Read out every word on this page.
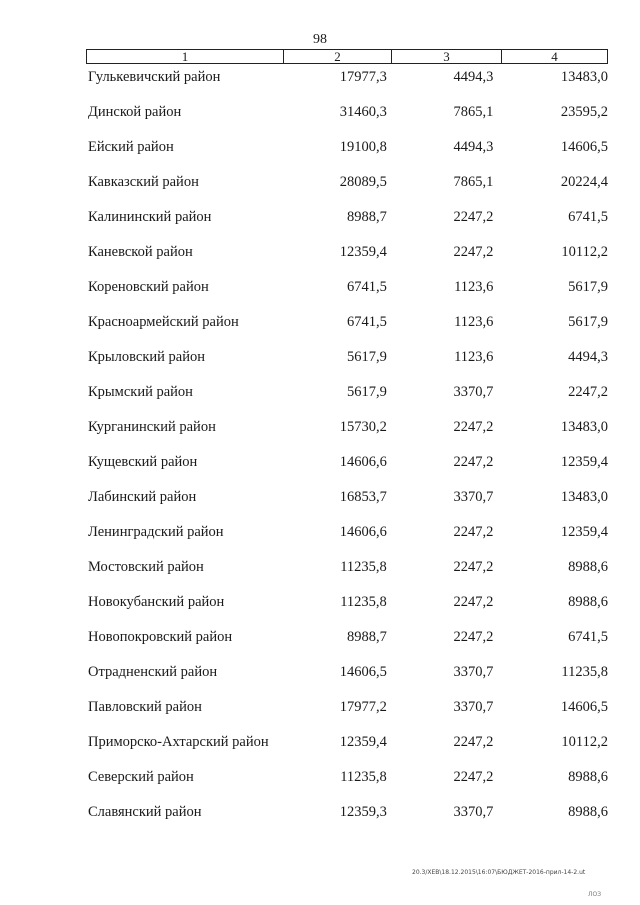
98
1	2	3	4
Гулькевичский район	17977,3	4494,3	13483,0
Динской район	31460,3	7865,1	23595,2
Ейский район	19100,8	4494,3	14606,5
Кавказский район	28089,5	7865,1	20224,4
Калининский район	8988,7	2247,2	6741,5
Каневской район	12359,4	2247,2	10112,2
Кореновский район	6741,5	1123,6	5617,9
Красноармейский район	6741,5	1123,6	5617,9
Крыловский район	5617,9	1123,6	4494,3
Крымский район	5617,9	3370,7	2247,2
Курганинский район	15730,2	2247,2	13483,0
Кущевский район	14606,6	2247,2	12359,4
Лабинский район	16853,7	3370,7	13483,0
Ленинградский район	14606,6	2247,2	12359,4
Мостовский район	11235,8	2247,2	8988,6
Новокубанский район	11235,8	2247,2	8988,6
Новопокровский район	8988,7	2247,2	6741,5
Отрадненский район	14606,5	3370,7	11235,8
Павловский район	17977,2	3370,7	14606,5
Приморско-Ахтарский район	12359,4	2247,2	10112,2
Северский район	11235,8	2247,2	8988,6
Славянский район	12359,3	3370,7	8988,6
20.3/XEB\18.12.2015\16:07\БЮДЖЕТ-2016-прил-14-2.ut
ЛОЗ
